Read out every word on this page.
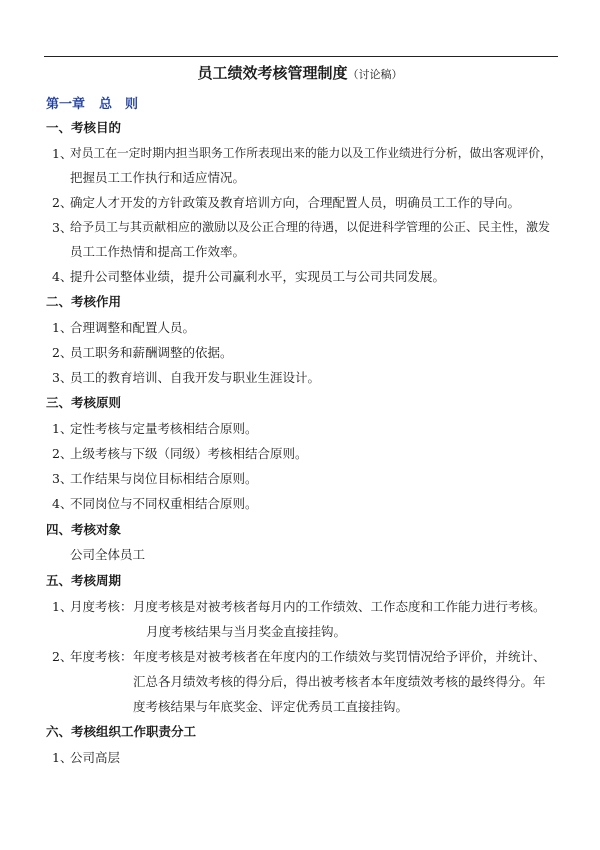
员工绩效考核管理制度（讨论稿）
第一章 总　则
一、考核目的
1、
对员工在一定时期内担当职务工作所表现出来的能力以及工作业绩进行分析，做出客观评价，
把握员工工作执行和适应情况。
2、
确定人才开发的方针政策及教育培训方向，合理配置人员，明确员工工作的导向。
3、
给予员工与其贡献相应的激励以及公正合理的待遇，以促进科学管理的公正、民主性，激发
员工工作热情和提高工作效率。
4、
提升公司整体业绩，提升公司赢利水平，实现员工与公司共同发展。
二、考核作用
1、
合理调整和配置人员。
2、
员工职务和薪酬调整的依据。
3、
员工的教育培训、自我开发与职业生涯设计。
三、考核原则
1、
定性考核与定量考核相结合原则。
2、
上级考核与下级（同级）考核相结合原则。
3、
工作结果与岗位目标相结合原则。
4、
不同岗位与不同权重相结合原则。
四、考核对象
公司全体员工
五、考核周期
1、
月度考核： 月度考核是对被考核者每月内的工作绩效、工作态度和工作能力进行考核。
月度考核结果与当月奖金直接挂钩。
2、
年度考核： 年度考核是对被考核者在年度内的工作绩效与奖罚情况给予评价，并统计、
汇总各月绩效考核的得分后，得出被考核者本年度绩效考核的最终得分。年
度考核结果与年底奖金、评定优秀员工直接挂钩。
六、考核组织工作职责分工
1、
公司高层
